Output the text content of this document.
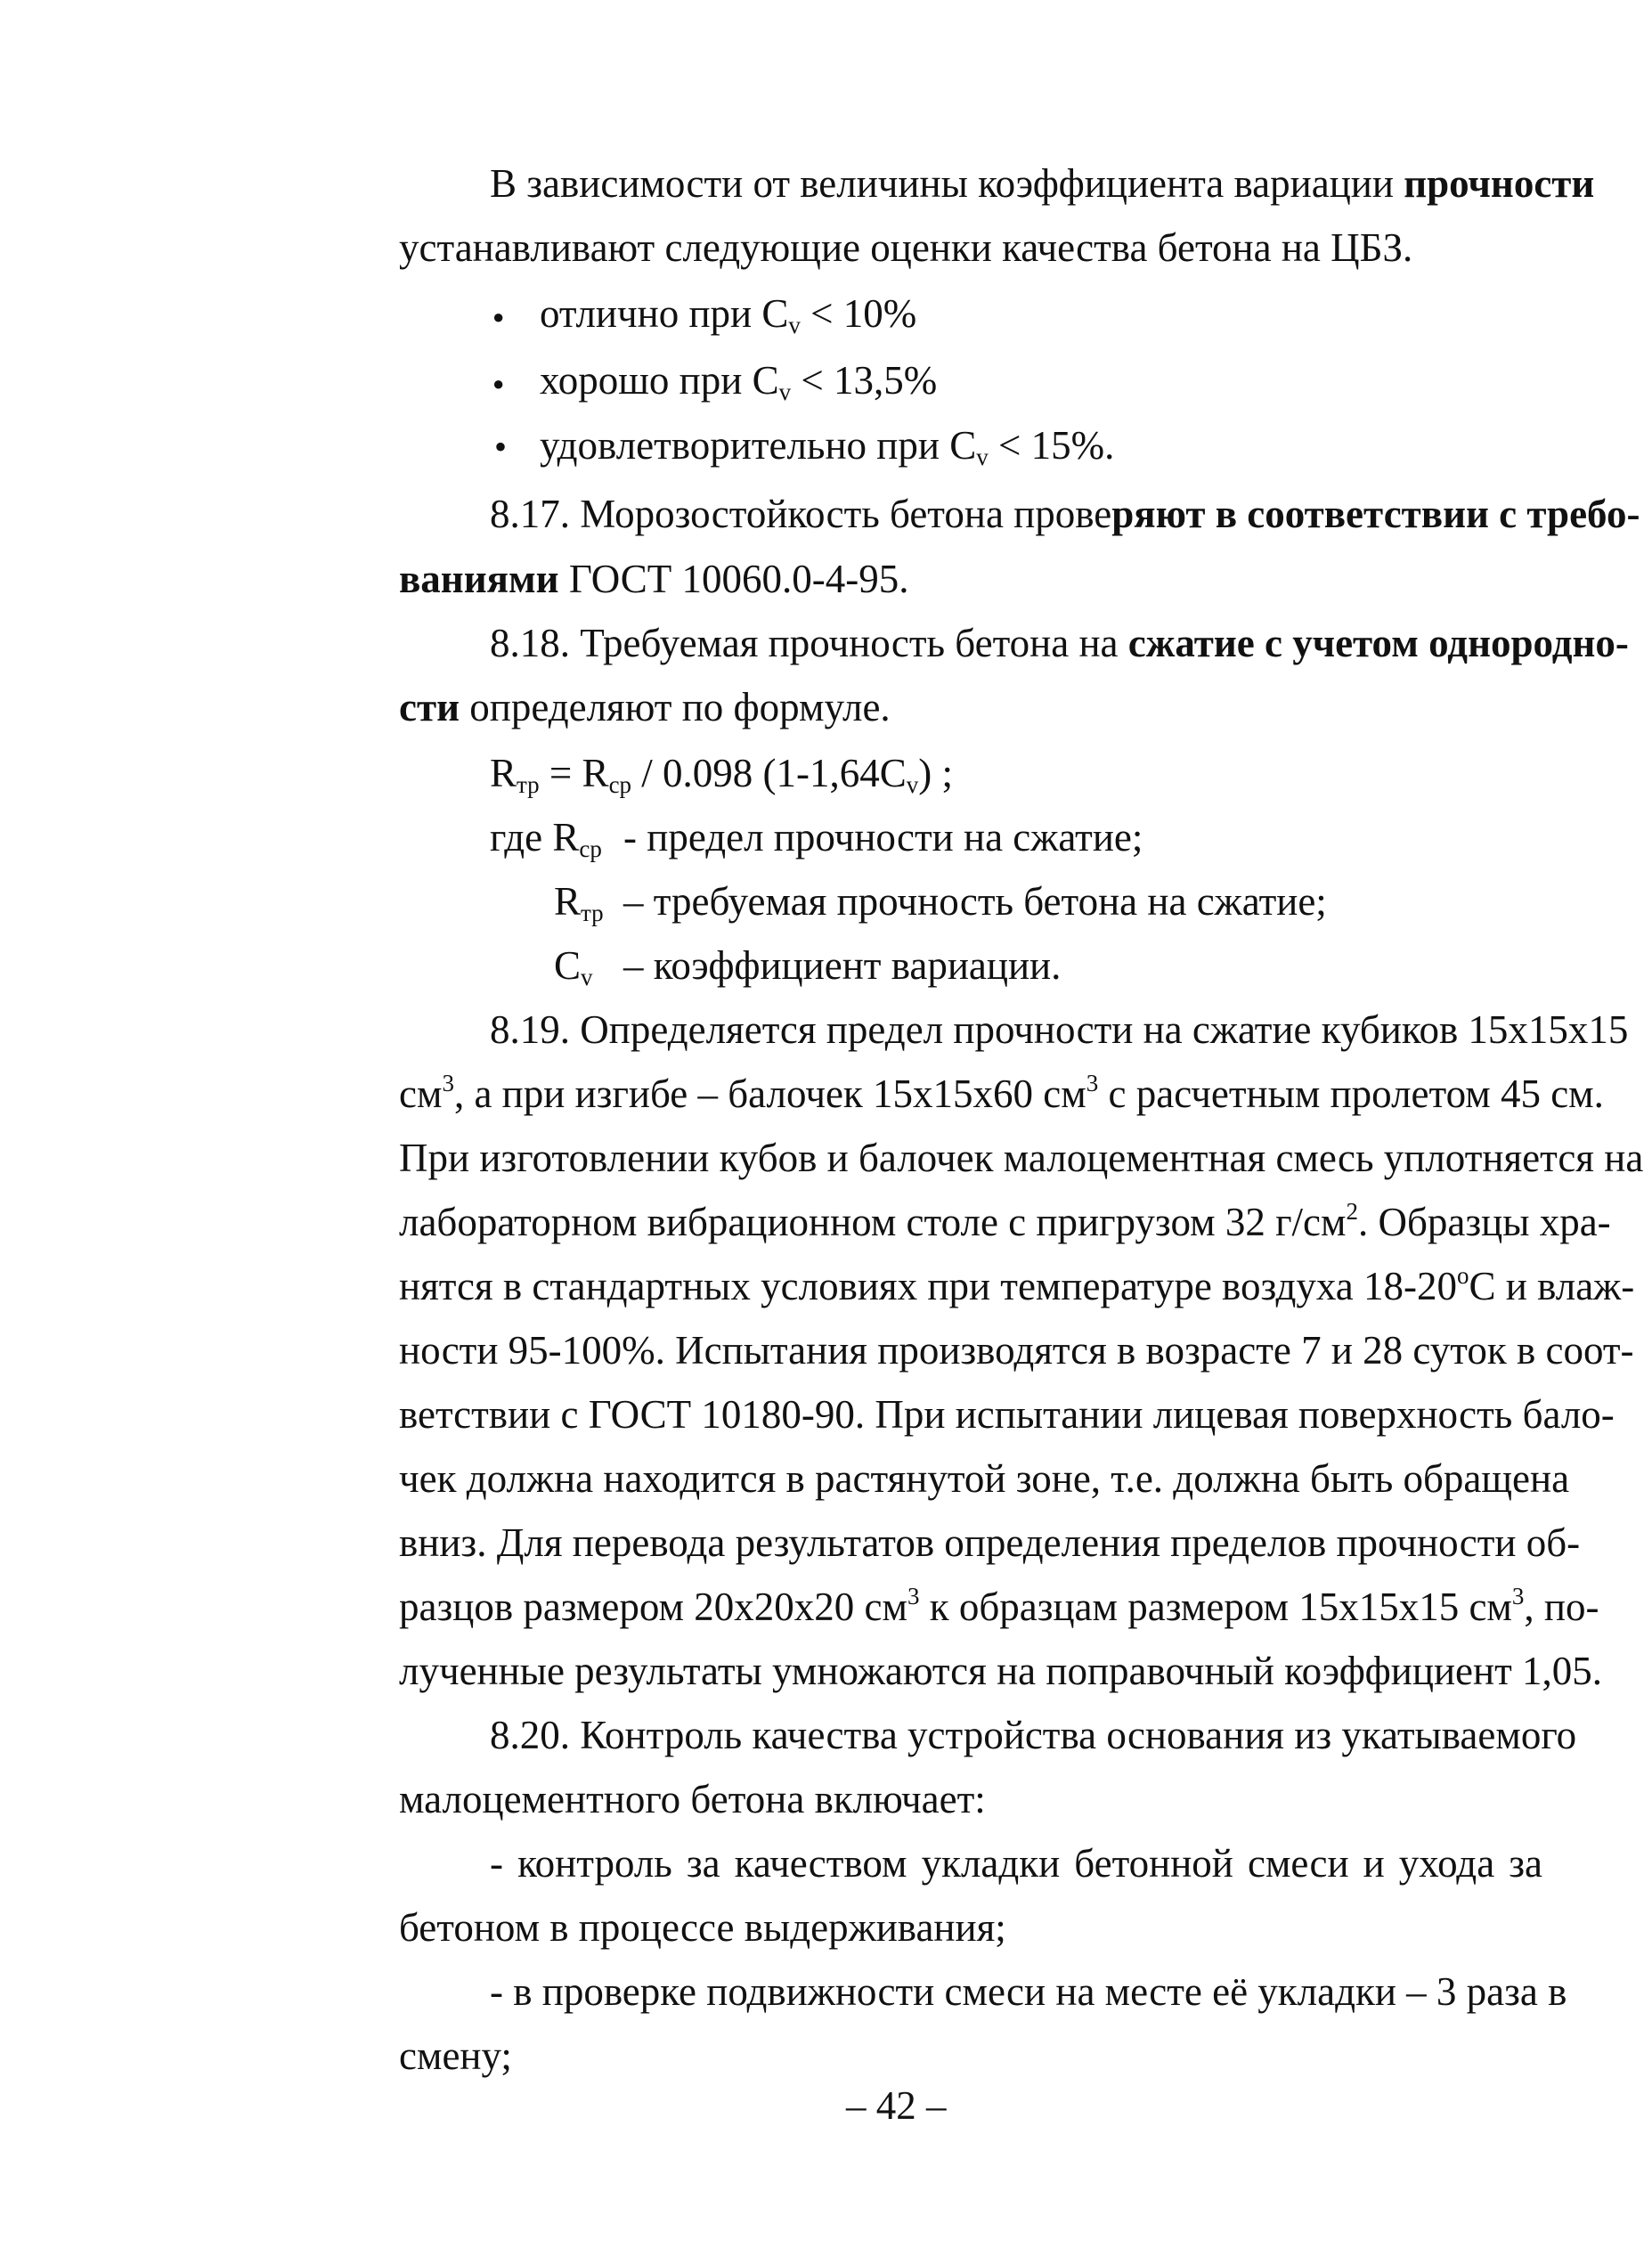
В зависимости от величины коэффициента вариации прочности
устанавливают следующие оценки качества бетона на ЦБЗ.
●
отлично при $C_v < 10\%$
●
хорошо при $C_v < 13,5\%$
•
удовлетворительно при $C_v < 15\%$.
8.17. Морозостойкость бетона проверяют в соответствии с требо-
ваниями ГОСТ 10060.0-4-95.
8.18. Требуемая прочность бетона на сжатие с учетом однородно-
сти определяют по формуле.
$R_{тр} = R_{ср} / 0.098$ $(1-1,64C_v)$ ;
где $R_{ср}$ - предел прочности на сжатие;
$R_{тр}$ – требуемая прочность бетона на сжатие;
$C_v$ – коэффициент вариации.
8.19. Определяется предел прочности на сжатие кубиков 15x15x15
$см^3$, а при изгибе – балочек 15x15x60 $см^3$ с расчетным пролетом 45 см.
При изготовлении кубов и балочек малоцементная смесь уплотняется на
лабораторном вибрационном столе с пригрузом 32 $г/см^2$. Образцы хра-
нятся в стандартных условиях при температуре воздуха 18-20$^o$C и влаж-
ности 95-100%. Испытания производятся в возрасте 7 и 28 суток в соот-
ветствии с ГОСТ 10180-90. При испытании лицевая поверхность бало-
чек должна находится в растянутой зоне, т.е. должна быть обращена
вниз. Для перевода результатов определения пределов прочности об-
разцов размером 20x20x20 $см^3$ к образцам размером 15x15x15 $см^3$, по-
лученные результаты умножаются на поправочный коэффициент 1,05.
8.20. Контроль качества устройства основания из укатываемого
малоцементного бетона включает:
- контроль за качеством укладки бетонной смеси и ухода за
бетоном в процессе выдерживания;
- в проверке подвижности смеси на месте её укладки – 3 раза в
смену;
– 42 –
